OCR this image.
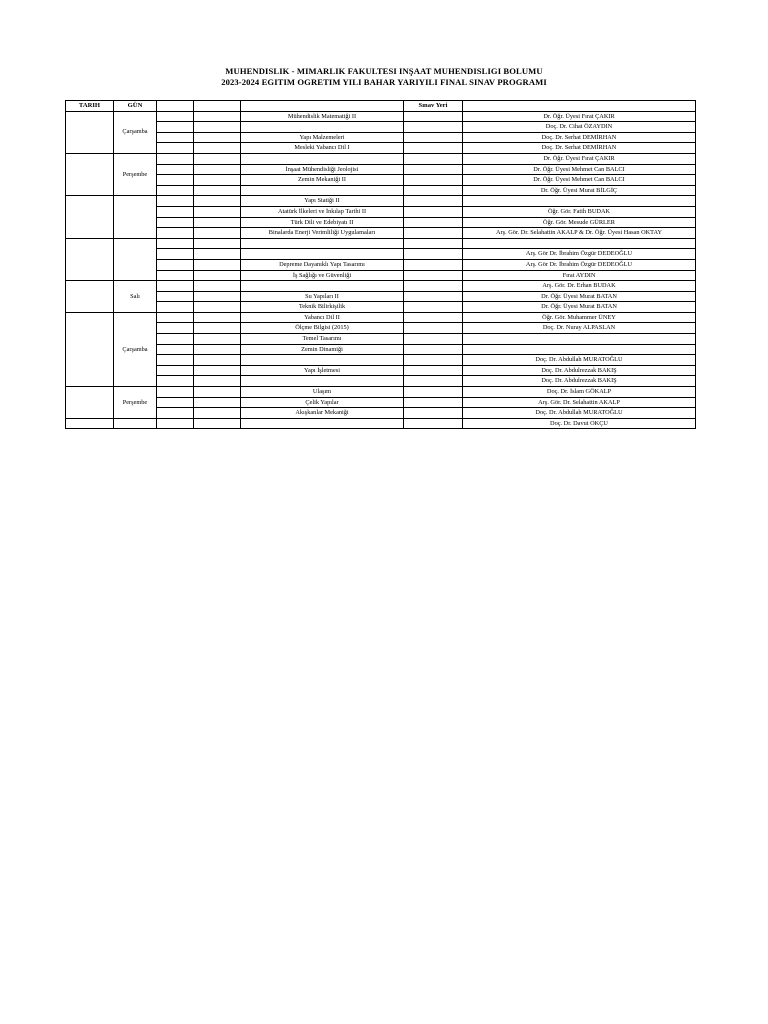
MUHENDISLIK - MIMARLIK FAKULTESI INŞAAT MUHENDISLIGI BOLUMU
2023-2024 EGITIM OGRETIM YILI BAHAR YARIYILI FINAL SINAV PROGRAMI
TARIH	GÜN				Sınav Yeri	
	Çarşamba			Mühendislik Matematiği II		Dr. Öğr. Üyesi Fırat ÇAKIR
						Doç. Dr. Cihat ÖZAYDIN
				Yapı Malzemeleri		Doç. Dr. Serhat DEMİRHAN
				Mesleki Yabancı Dil I		Doç. Dr. Serhat DEMİRHAN
	Perşembe					Dr. Öğr. Üyesi Fırat ÇAKIR
				İnşaat Mühendisliği Jeolojisi		Dr. Öğr. Üyesi Mehmet Can BALCI
				Zemin Mekaniği II		Dr. Öğr. Üyesi Mehmet Can BALCI
						Dr. Öğr. Üyesi Murat BİLGİÇ
				Yapı Statiği II		
				Atatürk İlkeleri ve İnkılap Tarihi II		Öğr. Gör. Fatih BUDAK
				Türk Dili ve Edebiyatı II		Öğr. Gör. Mesude GÜRLER
				Binalarda Enerji Verimliliği Uygulamaları		Arş. Gör. Dr. Selahattin AKALP & Dr. Öğr. Üyesi Hasan OKTAY

						Arş. Gör Dr. İbrahim Özgür DEDEOĞLU
				Depreme Dayanıklı Yapı Tasarımı		Arş. Gör Dr. İbrahim Özgür DEDEOĞLU
				İş Sağlığı ve Güvenliği		Fırat AYDIN
	Salı					Arş. Gör. Dr. Erhan BUDAK
				Su Yapıları II		Dr. Öğr. Üyesi Murat BATAN
				Teknik Bilirkişilik		Dr. Öğr. Üyesi Murat BATAN
	Çarşamba			Yabancı Dil II		Öğr. Gör. Muhammer ÜNEY
				Ölçme Bilgisi (2015)		Doç. Dr. Nuray ALPASLAN
				Temel Tasarımı		
				Zemin Dinamiği		
						Doç. Dr. Abdullah MURATOĞLU
				Yapı İşletmesi		Doç. Dr. Abdulrezzak BAKIŞ
						Doç. Dr. Abdulrezzak BAKIŞ
	Perşembe			Ulaşım		Doç. Dr. İslam GÖKALP
				Çelik Yapılar		Arş. Gör. Dr. Selahattin AKALP
				Akışkanlar Mekaniği		Doç. Dr. Abdullah MURATOĞLU
						Doç. Dr. Davut OKÇU
